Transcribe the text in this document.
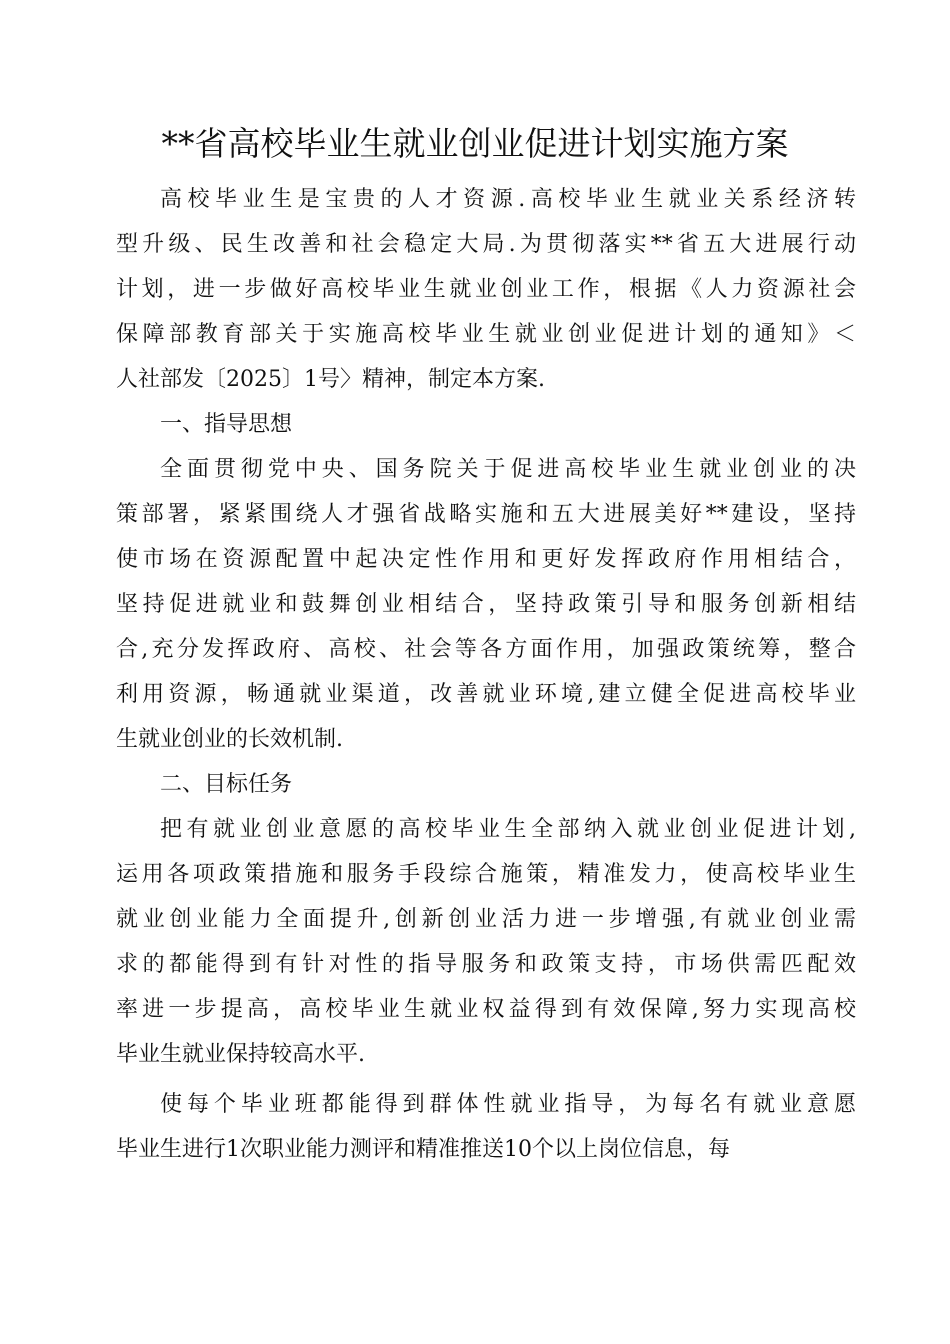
**省高校毕业生就业创业促进计划实施方案
高校毕业生是宝贵的人才资源.高校毕业生就业关系经济转
型升级、民生改善和社会稳定大局.为贯彻落实**省五大进展行动
计划，进一步做好高校毕业生就业创业工作，根据《人力资源社会
保障部教育部关于实施高校毕业生就业创业促进计划的通知》＜
人社部发〔2025〕1号〉精神，制定本方案.
一、指导思想
全面贯彻党中央、国务院关于促进高校毕业生就业创业的决
策部署，紧紧围绕人才强省战略实施和五大进展美好**建设，坚持
使市场在资源配置中起决定性作用和更好发挥政府作用相结合，
坚持促进就业和鼓舞创业相结合，坚持政策引导和服务创新相结
合,充分发挥政府、高校、社会等各方面作用，加强政策统筹，整合
利用资源，畅通就业渠道，改善就业环境,建立健全促进高校毕业
生就业创业的长效机制.
二、目标任务
把有就业创业意愿的高校毕业生全部纳入就业创业促进计划,
运用各项政策措施和服务手段综合施策，精准发力，使高校毕业生
就业创业能力全面提升,创新创业活力进一步增强,有就业创业需
求的都能得到有针对性的指导服务和政策支持，市场供需匹配效
率进一步提高，高校毕业生就业权益得到有效保障,努力实现高校
毕业生就业保持较高水平.
使每个毕业班都能得到群体性就业指导，为每名有就业意愿
毕业生进行1次职业能力测评和精准推送10个以上岗位信息，每
